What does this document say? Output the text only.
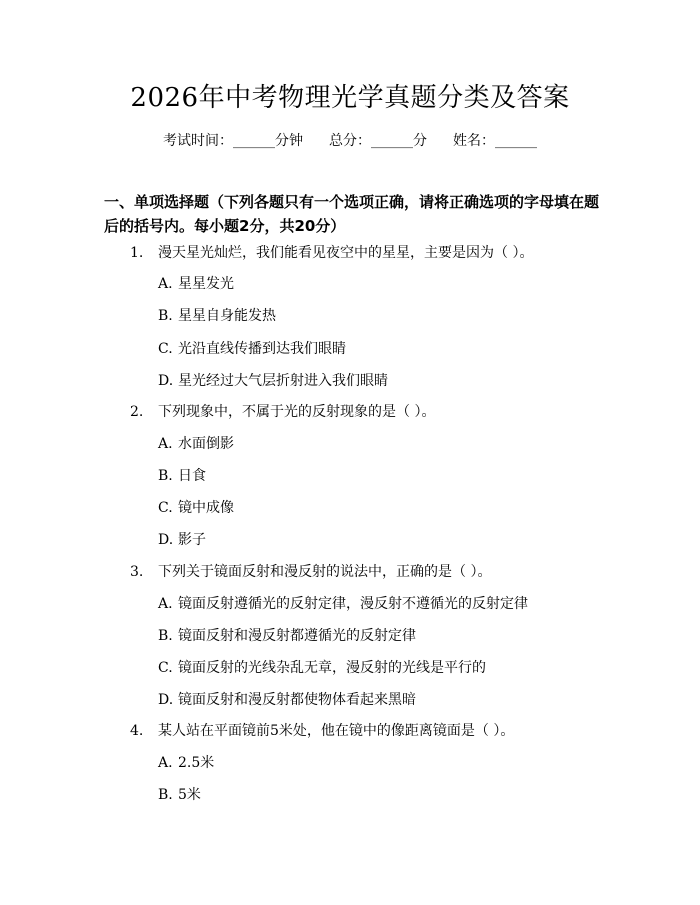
2026年中考物理光学真题分类及答案
考试时间：______分钟 总分：______分 姓名：______
一、单项选择题（下列各题只有一个选项正确，请将正确选项的字母填在题后的括号内。每小题2分，共20分）
1. 漫天星光灿烂，我们能看见夜空中的星星，主要是因为（ ）。
A. 星星发光
B. 星星自身能发热
C. 光沿直线传播到达我们眼睛
D. 星光经过大气层折射进入我们眼睛
2. 下列现象中，不属于光的反射现象的是（ ）。
A. 水面倒影
B. 日食
C. 镜中成像
D. 影子
3. 下列关于镜面反射和漫反射的说法中，正确的是（ ）。
A. 镜面反射遵循光的反射定律，漫反射不遵循光的反射定律
B. 镜面反射和漫反射都遵循光的反射定律
C. 镜面反射的光线杂乱无章，漫反射的光线是平行的
D. 镜面反射和漫反射都使物体看起来黑暗
4. 某人站在平面镜前5米处，他在镜中的像距离镜面是（ ）。
A. 2.5米
B. 5米
